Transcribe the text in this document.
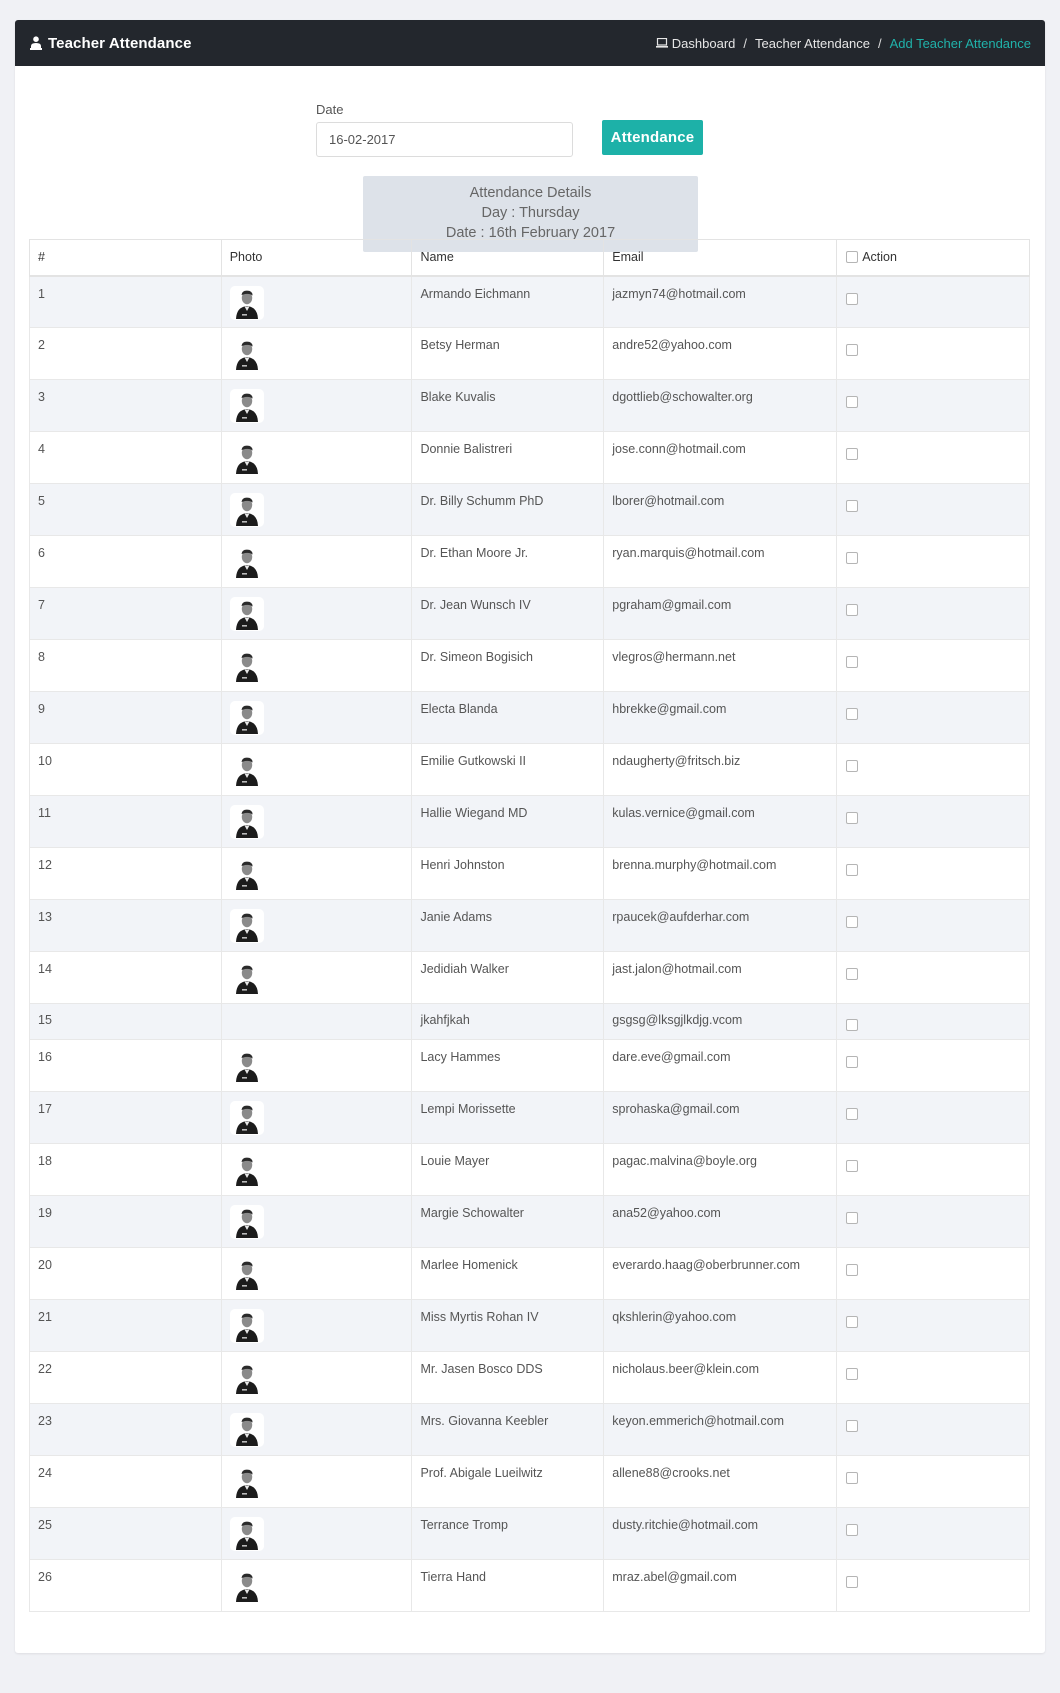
Teacher Attendance	Dashboard / Teacher Attendance / Add Teacher Attendance
Date
16-02-2017
Attendance
Attendance Details
Day : Thursday
Date : 16th February 2017
#	Photo	Name	Email	Action

1		Armando Eichmann	jazmyn74@hotmail.com	
2		Betsy Herman	andre52@yahoo.com	
3		Blake Kuvalis	dgottlieb@schowalter.org	
4		Donnie Balistreri	jose.conn@hotmail.com	
5		Dr. Billy Schumm PhD	lborer@hotmail.com	
6		Dr. Ethan Moore Jr.	ryan.marquis@hotmail.com	
7		Dr. Jean Wunsch IV	pgraham@gmail.com	
8		Dr. Simeon Bogisich	vlegros@hermann.net	
9		Electa Blanda	hbrekke@gmail.com	
10		Emilie Gutkowski II	ndaugherty@fritsch.biz	
11		Hallie Wiegand MD	kulas.vernice@gmail.com	
12		Henri Johnston	brenna.murphy@hotmail.com	
13		Janie Adams	rpaucek@aufderhar.com	
14		Jedidiah Walker	jast.jalon@hotmail.com	
15		jkahfjkah	gsgsg@lksgjlkdjg.vcom	
16		Lacy Hammes	dare.eve@gmail.com	
17		Lempi Morissette	sprohaska@gmail.com	
18		Louie Mayer	pagac.malvina@boyle.org	
19		Margie Schowalter	ana52@yahoo.com	
20		Marlee Homenick	everardo.haag@oberbrunner.com	
21		Miss Myrtis Rohan IV	qkshlerin@yahoo.com	
22		Mr. Jasen Bosco DDS	nicholaus.beer@klein.com	
23		Mrs. Giovanna Keebler	keyon.emmerich@hotmail.com	
24		Prof. Abigale Lueilwitz	allene88@crooks.net	
25		Terrance Tromp	dusty.ritchie@hotmail.com	
26		Tierra Hand	mraz.abel@gmail.com	
